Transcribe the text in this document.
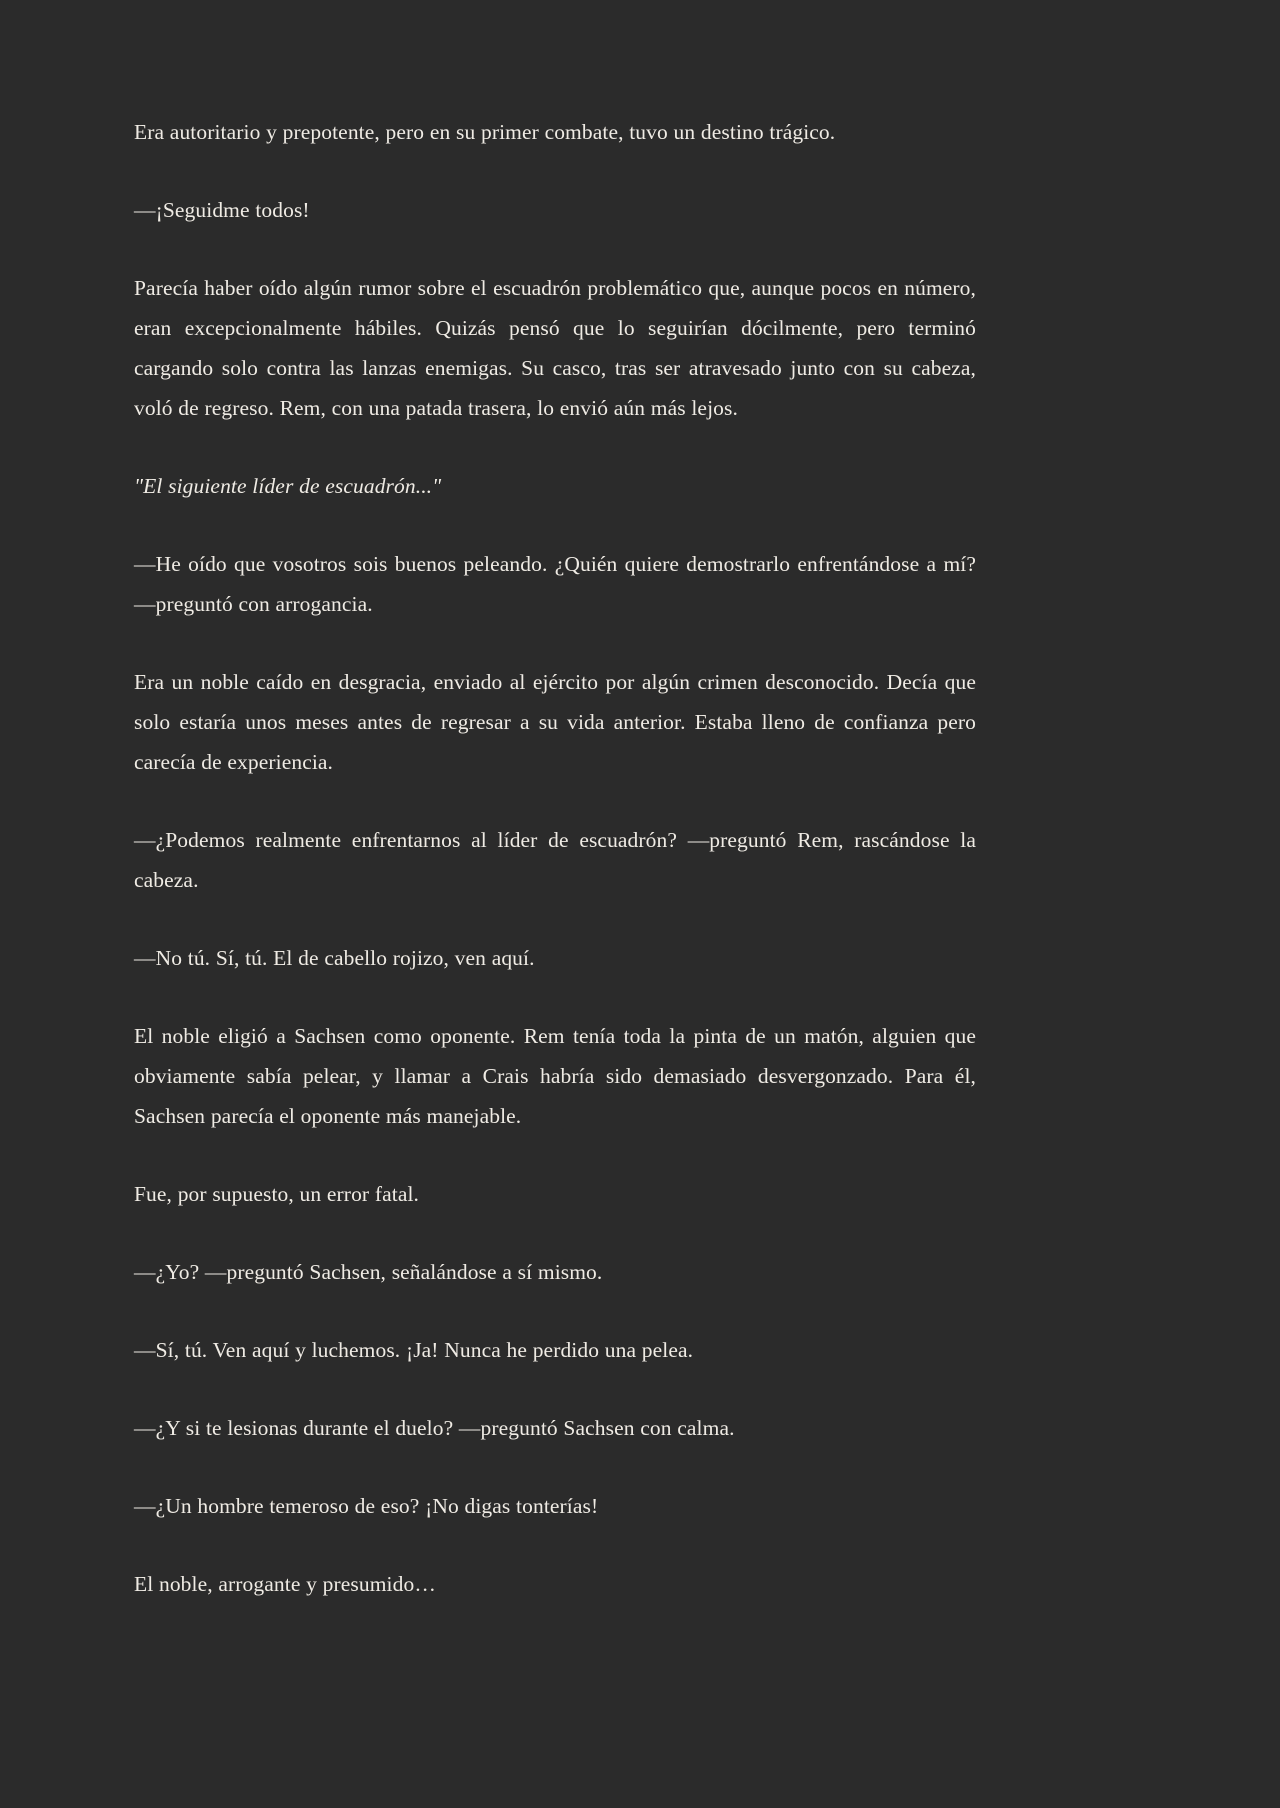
Era autoritario y prepotente, pero en su primer combate, tuvo un destino trágico.

—¡Seguidme todos!

Parecía haber oído algún rumor sobre el escuadrón problemático que, aunque pocos en número, eran excepcionalmente hábiles. Quizás pensó que lo seguirían dócilmente, pero terminó cargando solo contra las lanzas enemigas. Su casco, tras ser atravesado junto con su cabeza, voló de regreso. Rem, con una patada trasera, lo envió aún más lejos.

"El siguiente líder de escuadrón..."

—He oído que vosotros sois buenos peleando. ¿Quién quiere demostrarlo enfrentándose a mí? —preguntó con arrogancia.

Era un noble caído en desgracia, enviado al ejército por algún crimen desconocido. Decía que solo estaría unos meses antes de regresar a su vida anterior. Estaba lleno de confianza pero carecía de experiencia.

—¿Podemos realmente enfrentarnos al líder de escuadrón? —preguntó Rem, rascándose la cabeza.

—No tú. Sí, tú. El de cabello rojizo, ven aquí.

El noble eligió a Sachsen como oponente. Rem tenía toda la pinta de un matón, alguien que obviamente sabía pelear, y llamar a Crais habría sido demasiado desvergonzado. Para él, Sachsen parecía el oponente más manejable.

Fue, por supuesto, un error fatal.

—¿Yo? —preguntó Sachsen, señalándose a sí mismo.

—Sí, tú. Ven aquí y luchemos. ¡Ja! Nunca he perdido una pelea.

—¿Y si te lesionas durante el duelo? —preguntó Sachsen con calma.

—¿Un hombre temeroso de eso? ¡No digas tonterías!

El noble, arrogante y presumido…
